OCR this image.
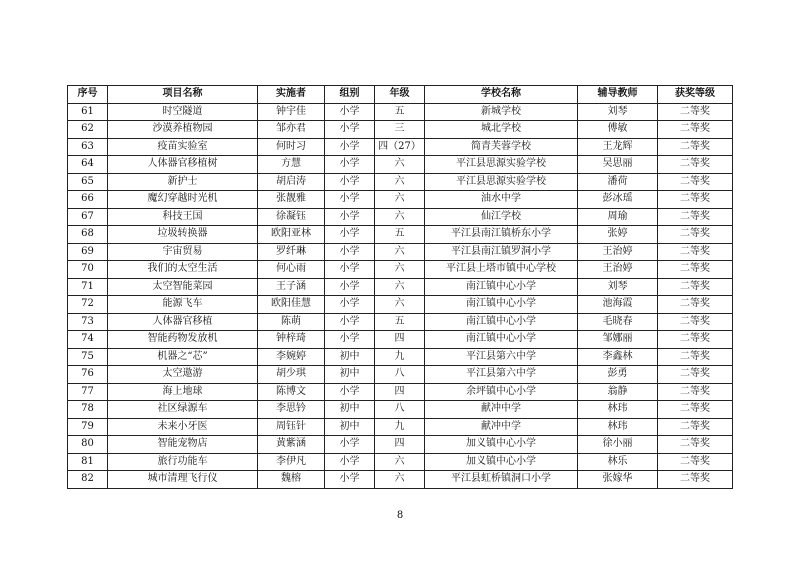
序号	项目名称	实施者	组别	年级	学校名称	辅导教师	获奖等级
61	时空隧道	钟宇佳	小学	五	新城学校	刘琴	二等奖
62	沙漠养植物园	邹亦君	小学	三	城北学校	傅敏	二等奖
63	疫苗实验室	何时习	小学	四（27）	简青芙蓉学校	王龙辉	二等奖
64	人体器官移植树	方慧	小学	六	平江县思源实验学校	吴思丽	二等奖
65	新护士	胡启涛	小学	六	平江县思源实验学校	潘荷	二等奖
66	魔幻穿越时光机	张靓雅	小学	六	油水中学	彭冰瑶	二等奖
67	科技王国	徐凝钰	小学	六	仙江学校	周瑜	二等奖
68	垃圾转换器	欧阳亚林	小学	五	平江县南江镇桥东小学	张婷	二等奖
69	宇宙贸易	罗纤琳	小学	六	平江县南江镇罗洞小学	王治婷	二等奖
70	我们的太空生活	何心雨	小学	六	平江县上塔市镇中心学校	王治婷	二等奖
71	太空智能菜园	王子涵	小学	六	南江镇中心小学	刘琴	二等奖
72	能源飞车	欧阳佳慧	小学	六	南江镇中心小学	池海霞	二等奖
73	人体器官移植	陈萌	小学	五	南江镇中心小学	毛晓春	二等奖
74	智能药物发放机	钟梓琦	小学	四	南江镇中心小学	邹娜丽	二等奖
75	机器之“芯”	李婉婷	初中	九	平江县第六中学	李鑫林	二等奖
76	太空遨游	胡少琪	初中	八	平江县第六中学	彭勇	二等奖
77	海上地球	陈博文	小学	四	余坪镇中心小学	翁静	二等奖
78	社区绿源车	李思钤	初中	八	献冲中学	林玮	二等奖
79	未来小牙医	周钰针	初中	九	献冲中学	林玮	二等奖
80	智能宠物店	黄紫涵	小学	四	加义镇中心小学	徐小丽	二等奖
81	旅行功能车	李伊凡	小学	六	加义镇中心小学	林乐	二等奖
82	城市清理飞行仪	魏榕	小学	六	平江县虹桥镇洞口小学	张嫁华	二等奖
8
